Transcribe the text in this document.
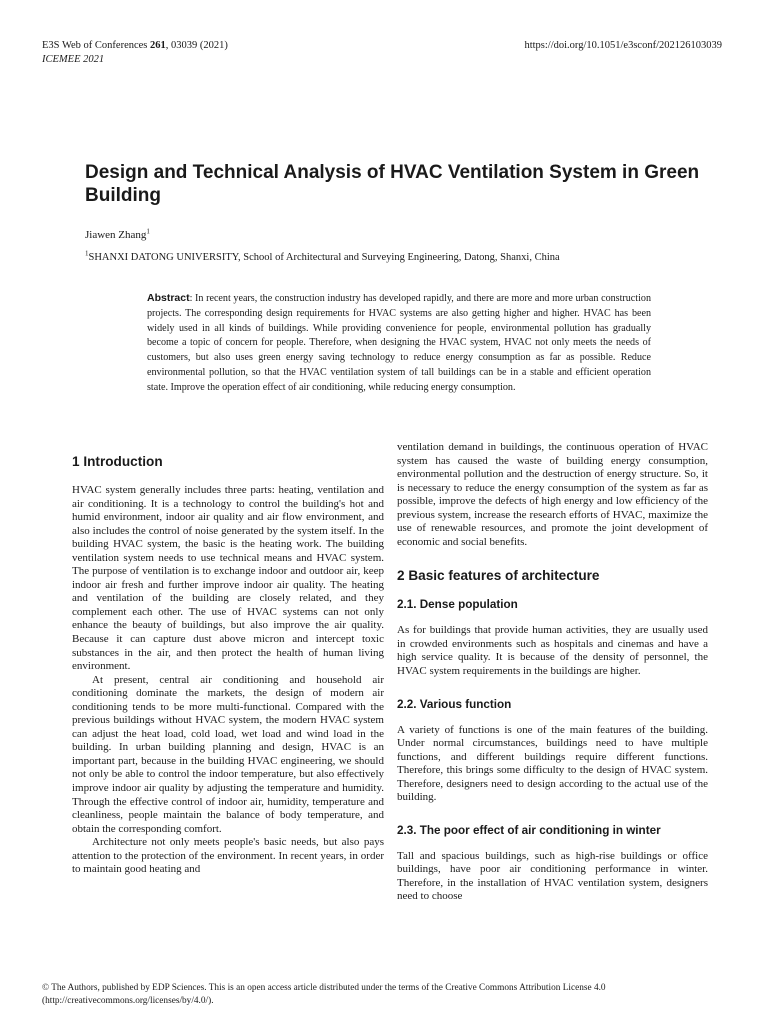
E3S Web of Conferences 261, 03039 (2021)
ICEMEE 2021
https://doi.org/10.1051/e3sconf/202126103039
Design and Technical Analysis of HVAC Ventilation System in Green Building
Jiawen Zhang$^1$
$^1$SHANXI DATONG UNIVERSITY, School of Architectural and Surveying Engineering, Datong, Shanxi, China
Abstract: In recent years, the construction industry has developed rapidly, and there are more and more urban construction projects. The corresponding design requirements for HVAC systems are also getting higher and higher. HVAC has been widely used in all kinds of buildings. While providing convenience for people, environmental pollution has gradually become a topic of concern for people. Therefore, when designing the HVAC system, HVAC not only meets the needs of customers, but also uses green energy saving technology to reduce energy consumption as far as possible. Reduce environmental pollution, so that the HVAC ventilation system of tall buildings can be in a stable and efficient operation state. Improve the operation effect of air conditioning, while reducing energy consumption.
1 Introduction

HVAC system generally includes three parts: heating, ventilation and air conditioning. It is a technology to control the building's hot and humid environment, indoor air quality and air flow environment, and also includes the control of noise generated by the system itself. In the building HVAC system, the basic is the heating work. The building ventilation system needs to use technical means and HVAC system. The purpose of ventilation is to exchange indoor and outdoor air, keep indoor air fresh and further improve indoor air quality. The heating and ventilation of the building are closely related, and they complement each other. The use of HVAC systems can not only enhance the beauty of buildings, but also improve the air quality. Because it can capture dust above micron and intercept toxic substances in the air, and then protect the health of human living environment.

At present, central air conditioning and household air conditioning dominate the markets, the design of modern air conditioning tends to be more multi-functional. Compared with the previous buildings without HVAC system, the modern HVAC system can adjust the heat load, cold load, wet load and wind load in the building. In urban building planning and design, HVAC is an important part, because in the building HVAC engineering, we should not only be able to control the indoor temperature, but also effectively improve indoor air quality by adjusting the temperature and humidity. Through the effective control of indoor air, humidity, temperature and cleanliness, people maintain the balance of body temperature, and obtain the corresponding comfort.

Architecture not only meets people's basic needs, but also pays attention to the protection of the environment. In recent years, in order to maintain good heating and

ventilation demand in buildings, the continuous operation of HVAC system has caused the waste of building energy consumption, environmental pollution and the destruction of energy structure. So, it is necessary to reduce the energy consumption of the system as far as possible, improve the defects of high energy and low efficiency of the previous system, increase the research efforts of HVAC, maximize the use of renewable resources, and promote the joint development of economic and social benefits.

2 Basic features of architecture
2.1. Dense population

As for buildings that provide human activities, they are usually used in crowded environments such as hospitals and cinemas and have a high service quality. It is because of the density of personnel, the HVAC system requirements in the buildings are higher.

2.2. Various function

A variety of functions is one of the main features of the building. Under normal circumstances, buildings need to have multiple functions, and different buildings require different functions. Therefore, this brings some difficulty to the design of HVAC system. Therefore, designers need to design according to the actual use of the building.

2.3. The poor effect of air conditioning in winter

Tall and spacious buildings, such as high-rise buildings or office buildings, have poor air conditioning performance in winter. Therefore, in the installation of HVAC ventilation system, designers need to choose

© The Authors, published by EDP Sciences. This is an open access article distributed under the terms of the Creative Commons Attribution License 4.0
(http://creativecommons.org/licenses/by/4.0/).
